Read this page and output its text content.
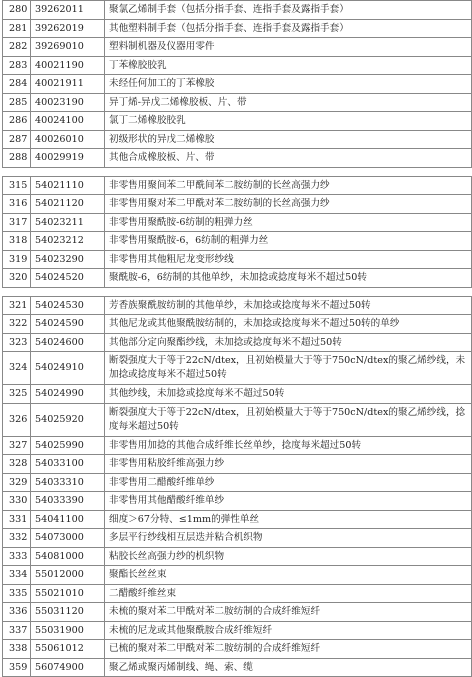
280	39262011	聚氯乙烯制手套（包括分指手套、连指手套及露指手套）
281	39262019	其他塑料制手套（包括分指手套、连指手套及露指手套）
282	39269010	塑料制机器及仪器用零件
283	40021190	丁苯橡胶胶乳
284	40021911	未经任何加工的丁苯橡胶
285	40023190	异丁烯-异戊二烯橡胶板、片、带
286	40024100	氯丁二烯橡胶胶乳
287	40026010	初级形状的异戊二烯橡胶
288	40029919	其他合成橡胶板、片、带

315	54021110	非零售用聚间苯二甲酰间苯二胺纺制的长丝高强力纱
316	54021120	非零售用聚对苯二甲酰对苯二胺纺制的长丝高强力纱
317	54023211	非零售用聚酰胺-6纺制的粗弹力丝
318	54023212	非零售用聚酰胺-6，6纺制的粗弹力丝
319	54023290	非零售用其他粗尼龙变形纱线
320	54024520	聚酰胺-6，6纺制的其他单纱，未加捻或捻度每米不超过50转

321	54024530	芳香族聚酰胺纺制的其他单纱，未加捻或捻度每米不超过50转
322	54024590	其他尼龙或其他聚酰胺纺制的，未加捻或捻度每米不超过50转的单纱
323	54024600	其他部分定向聚酯纱线，未加捻或捻度每米不超过50转
324	54024910	断裂强度大于等于22cN/dtex，且初始模量大于等于750cN/dtex的聚乙烯纱线，未加捻或捻度每米不超过50转
325	54024990	其他纱线，未加捻或捻度每米不超过50转
326	54025920	断裂强度大于等于22cN/dtex，且初始模量大于等于750cN/dtex的聚乙烯纱线，捻度每米超过50转
327	54025990	非零售用加捻的其他合成纤维长丝单纱，捻度每米超过50转
328	54033100	非零售用粘胶纤维高强力纱
329	54033310	非零售用二醋酸纤维单纱
330	54033390	非零售用其他醋酸纤维单纱
331	54041100	细度＞67分特、≤1mm的弹性单丝
332	54073000	多层平行纱线相互层迭并粘合机织物
333	54081000	粘胶长丝高强力纱的机织物
334	55012000	聚酯长丝丝束
335	55021010	二醋酸纤维丝束
336	55031120	未梳的聚对苯二甲酰对苯二胺纺制的合成纤维短纤
337	55031900	未梳的尼龙或其他聚酰胺合成纤维短纤
338	55061012	已梳的聚对苯二甲酰对苯二胺纺制的合成纤维短纤
359	56074900	聚乙烯或聚丙烯制线、绳、索、缆
